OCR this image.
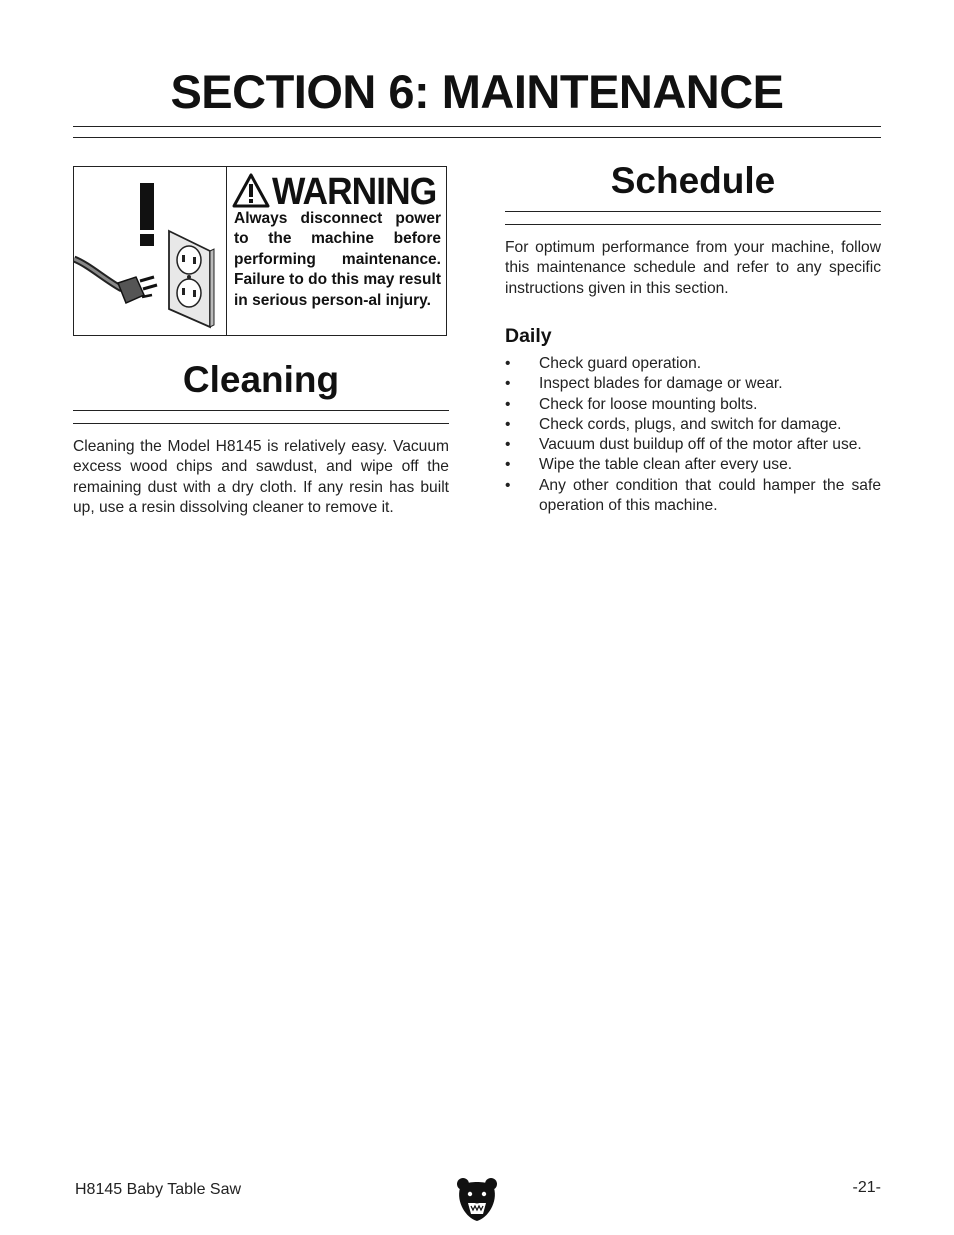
SECTION 6: MAINTENANCE
WARNING

Always disconnect power to the machine before performing maintenance. Failure to do this may result in serious person-al injury.

Cleaning

Cleaning the Model H8145 is relatively easy. Vacuum excess wood chips and sawdust, and wipe off the remaining dust with a dry cloth. If any resin has built up, use a resin dissolving cleaner to remove it.

Schedule

For optimum performance from your machine, follow this maintenance schedule and refer to any specific instructions given in this section.

Daily
• Check guard operation.
• Inspect blades for damage or wear.
• Check for loose mounting bolts.
• Check cords, plugs, and switch for damage.
• Vacuum dust buildup off of the motor after use.
• Wipe the table clean after every use.
• Any other condition that could hamper the safe operation of this machine.

H8145 Baby Table Saw	-21-
